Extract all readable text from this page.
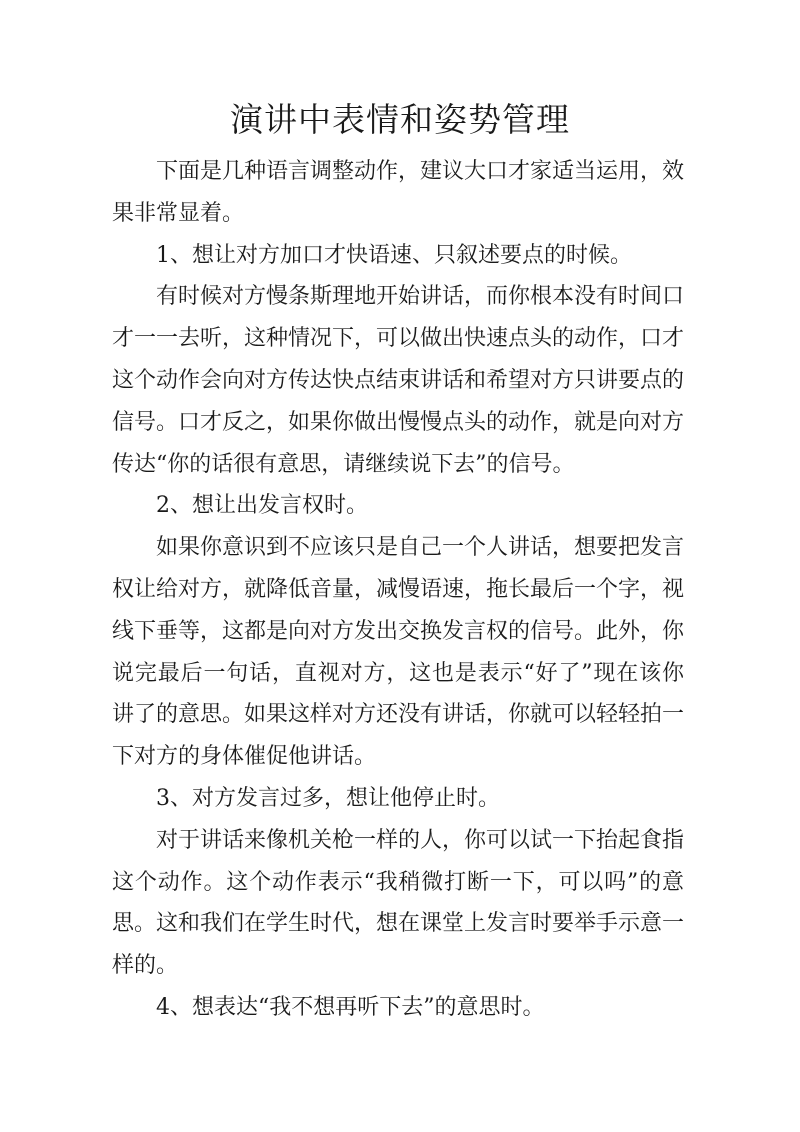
演讲中表情和姿势管理

下面是几种语言调整动作，建议大口才家适当运用，效果非常显着。

1、想让对方加口才快语速、只叙述要点的时候。

有时候对方慢条斯理地开始讲话，而你根本没有时间口才一一去听，这种情况下，可以做出快速点头的动作，口才这个动作会向对方传达快点结束讲话和希望对方只讲要点的信号。口才反之，如果你做出慢慢点头的动作，就是向对方传达“你的话很有意思，请继续说下去”的信号。

2、想让出发言权时。

如果你意识到不应该只是自己一个人讲话，想要把发言权让给对方，就降低音量，减慢语速，拖长最后一个字，视线下垂等，这都是向对方发出交换发言权的信号。此外，你说完最后一句话，直视对方，这也是表示“好了”现在该你讲了的意思。如果这样对方还没有讲话，你就可以轻轻拍一下对方的身体催促他讲话。

3、对方发言过多，想让他停止时。

对于讲话来像机关枪一样的人，你可以试一下抬起食指这个动作。这个动作表示“我稍微打断一下，可以吗”的意思。这和我们在学生时代，想在课堂上发言时要举手示意一样的。

4、想表达“我不想再听下去”的意思时。
